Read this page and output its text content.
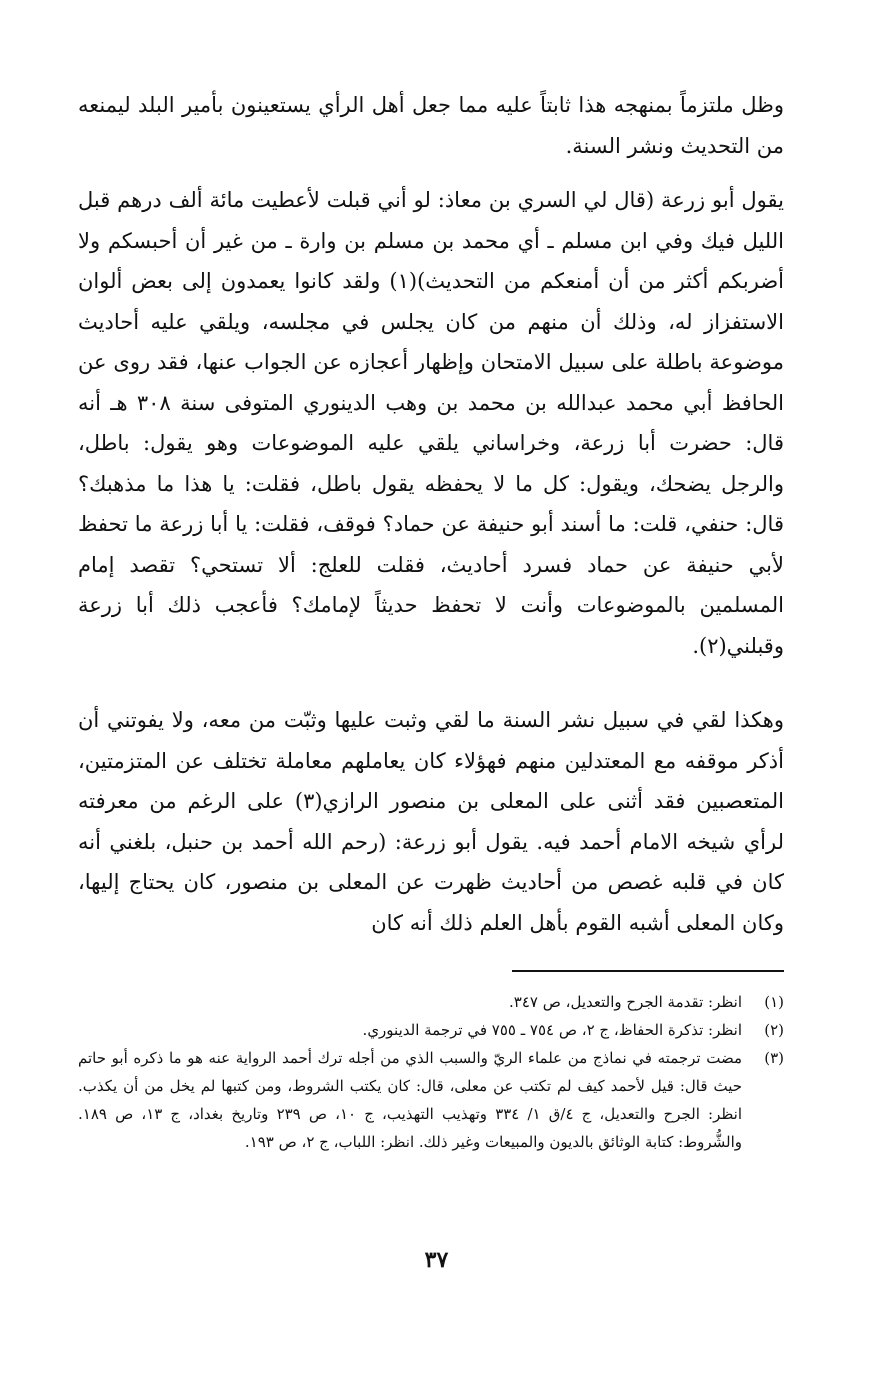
وظل ملتزماً بمنهجه هذا ثابتاً عليه مما جعل أهل الرأي يستعينون بأمير البلد ليمنعه من التحديث ونشر السنة.

يقول أبو زرعة (قال لي السري بن معاذ: لو أني قبلت لأعطيت مائة ألف درهم قبل الليل فيك وفي ابن مسلم ـ أي محمد بن مسلم بن وارة ـ من غير أن أحبسكم ولا أضربكم أكثر من أن أمنعكم من التحديث)(١) ولقد كانوا يعمدون إلى بعض ألوان الاستفزاز له، وذلك أن منهم من كان يجلس في مجلسه، ويلقي عليه أحاديث موضوعة باطلة على سبيل الامتحان وإظهار أعجازه عن الجواب عنها، فقد روى عن الحافظ أبي محمد عبدالله بن محمد بن وهب الدينوري المتوفى سنة ٣٠٨ هـ أنه قال: حضرت أبا زرعة، وخراساني يلقي عليه الموضوعات وهو يقول: باطل، والرجل يضحك، ويقول: كل ما لا يحفظه يقول باطل، فقلت: يا هذا ما مذهبك؟ قال: حنفي، قلت: ما أسند أبو حنيفة عن حماد؟ فوقف، فقلت: يا أبا زرعة ما تحفظ لأبي حنيفة عن حماد فسرد أحاديث، فقلت للعلج: ألا تستحي؟ تقصد إمام المسلمين بالموضوعات وأنت لا تحفظ حديثاً لإمامك؟ فأعجب ذلك أبا زرعة وقبلني(٢).

وهكذا لقي في سبيل نشر السنة ما لقي وثبت عليها وثبّت من معه، ولا يفوتني أن أذكر موقفه مع المعتدلين منهم فهؤلاء كان يعاملهم معاملة تختلف عن المتزمتين، المتعصبين فقد أثنى على المعلى بن منصور الرازي(٣) على الرغم من معرفته لرأي شيخه الامام أحمد فيه. يقول أبو زرعة: (رحم الله أحمد بن حنبل، بلغني أنه كان في قلبه غصص من أحاديث ظهرت عن المعلى بن منصور، كان يحتاج إليها، وكان المعلى أشبه القوم بأهل العلم ذلك أنه كان

(١)
انظر: تقدمة الجرح والتعديل، ص ٣٤٧.
(٢)
انظر: تذكرة الحفاظ، ج ٢، ص ٧٥٤ ـ ٧٥٥ في ترجمة الدينوري.
(٣)
مضت ترجمته في نماذج من علماء الريّ والسبب الذي من أجله ترك أحمد الرواية عنه هو ما ذكره أبو حاتم حيث قال: قيل لأحمد كيف لم تكتب عن معلى، قال: كان يكتب الشروط، ومن كتبها لم يخل من أن يكذب. انظر: الجرح والتعديل، ج ٤/ق ١/ ٣٣٤ وتهذيب التهذيب، ج ١٠، ص ٢٣٩ وتاريخ بغداد، ج ١٣، ص ١٨٩. والشُّروط: كتابة الوثائق بالديون والمبيعات وغير ذلك. انظر: اللباب، ج ٢، ص ١٩٣.
٣٧
